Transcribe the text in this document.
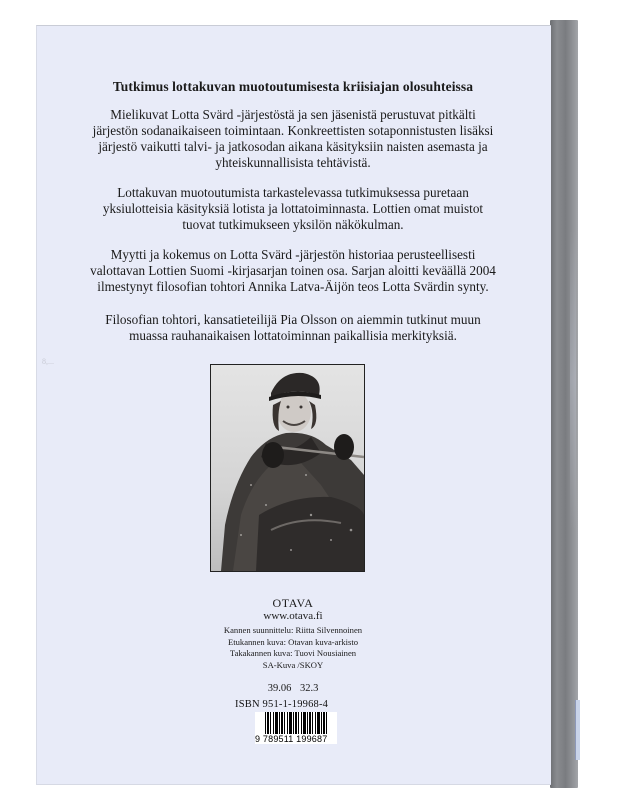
8,...
Tutkimus lottakuvan muotoutumisesta kriisiajan olosuhteissa
Mielikuvat Lotta Svärd -järjestöstä ja sen jäsenistä perustuvat pitkälti
järjestön sodanaikaiseen toimintaan. Konkreettisten sotaponnistusten lisäksi
järjestö vaikutti talvi- ja jatkosodan aikana käsityksiin naisten asemasta ja
yhteiskunnallisista tehtävistä.
Lottakuvan muotoutumista tarkastelevassa tutkimuksessa puretaan
yksiulotteisia käsityksiä lotista ja lottatoiminnasta. Lottien omat muistot
tuovat tutkimukseen yksilön näkökulman.
Myytti ja kokemus on Lotta Svärd -järjestön historiaa perusteellisesti
valottavan Lottien Suomi -kirjasarjan toinen osa. Sarjan aloitti keväällä 2004
ilmestynyt filosofian tohtori Annika Latva-Äijön teos Lotta Svärdin synty.
Filosofian tohtori, kansatieteilijä Pia Olsson on aiemmin tutkinut muun
muassa rauhanaikaisen lottatoiminnan paikallisia merkityksiä.
OTAVA
www.otava.fi
Kannen suunnittelu: Riitta Silvennoinen
Etukannen kuva: Otavan kuva-arkisto
Takakannen kuva: Tuovi Nousiainen
SA-Kuva /SKOY
39.06 32.3
ISBN 951-1-19968-4
9 789511 199687
